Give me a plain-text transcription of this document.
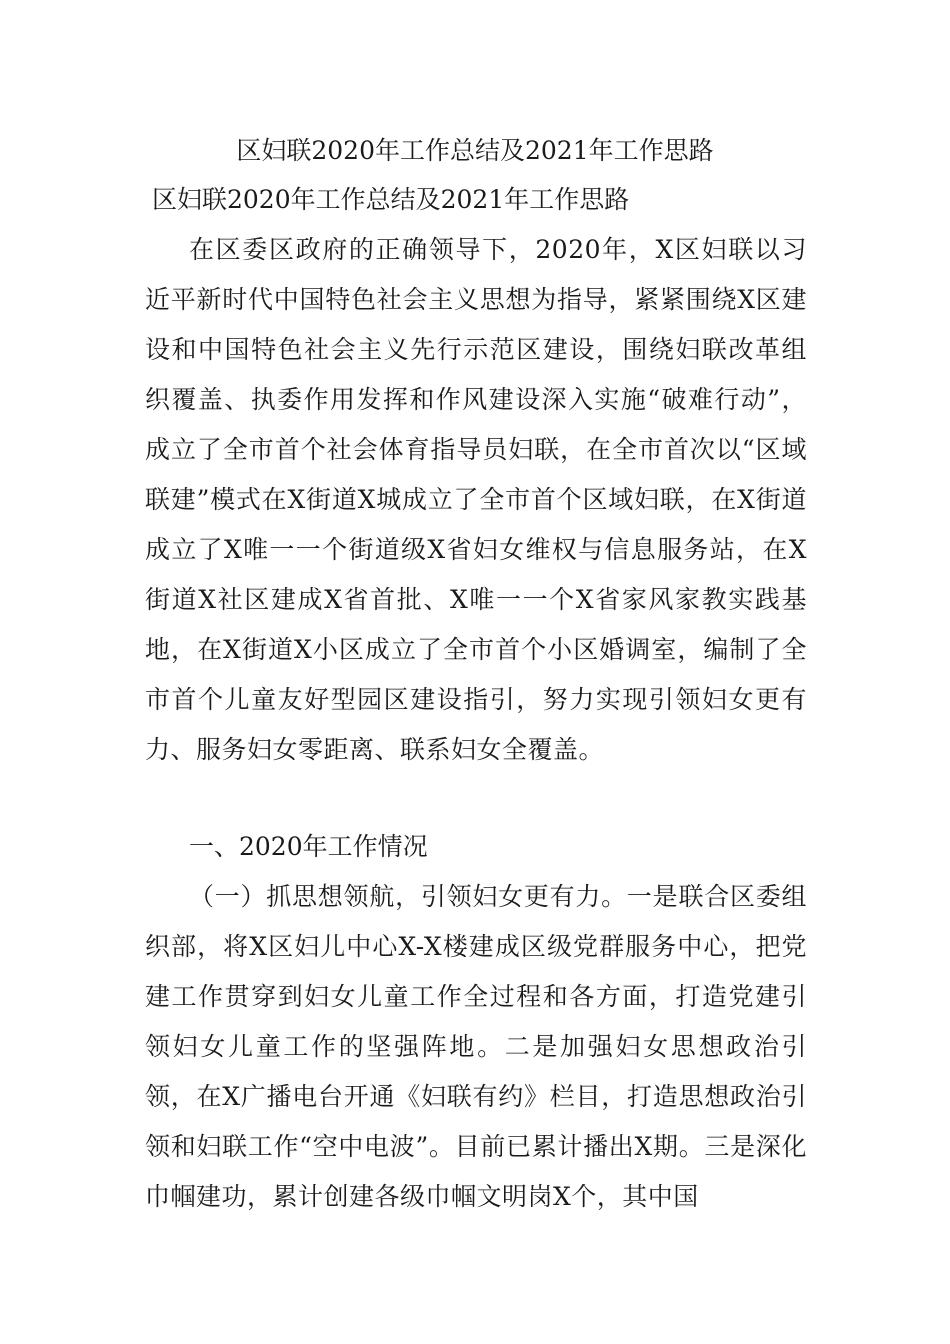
区妇联2020年工作总结及2021年工作思路
区妇联2020年工作总结及2021年工作思路

在区委区政府的正确领导下，2020年，X区妇联以习近平新时代中国特色社会主义思想为指导，紧紧围绕X区建设和中国特色社会主义先行示范区建设，围绕妇联改革组织覆盖、执委作用发挥和作风建设深入实施“破难行动”，成立了全市首个社会体育指导员妇联，在全市首次以“区域联建”模式在X街道X城成立了全市首个区域妇联，在X街道成立了X唯一一个街道级X省妇女维权与信息服务站，在X街道X社区建成X省首批、X唯一一个X省家风家教实践基地，在X街道X小区成立了全市首个小区婚调室，编制了全市首个儿童友好型园区建设指引，努力实现引领妇女更有力、服务妇女零距离、联系妇女全覆盖。

一、2020年工作情况

（一）抓思想领航，引领妇女更有力。一是联合区委组织部，将X区妇儿中心X-X楼建成区级党群服务中心，把党建工作贯穿到妇女儿童工作全过程和各方面，打造党建引领妇女儿童工作的坚强阵地。二是加强妇女思想政治引领，在X广播电台开通《妇联有约》栏目，打造思想政治引领和妇联工作“空中电波”。目前已累计播出X期。三是深化巾帼建功，累计创建各级巾帼文明岗X个，其中国
